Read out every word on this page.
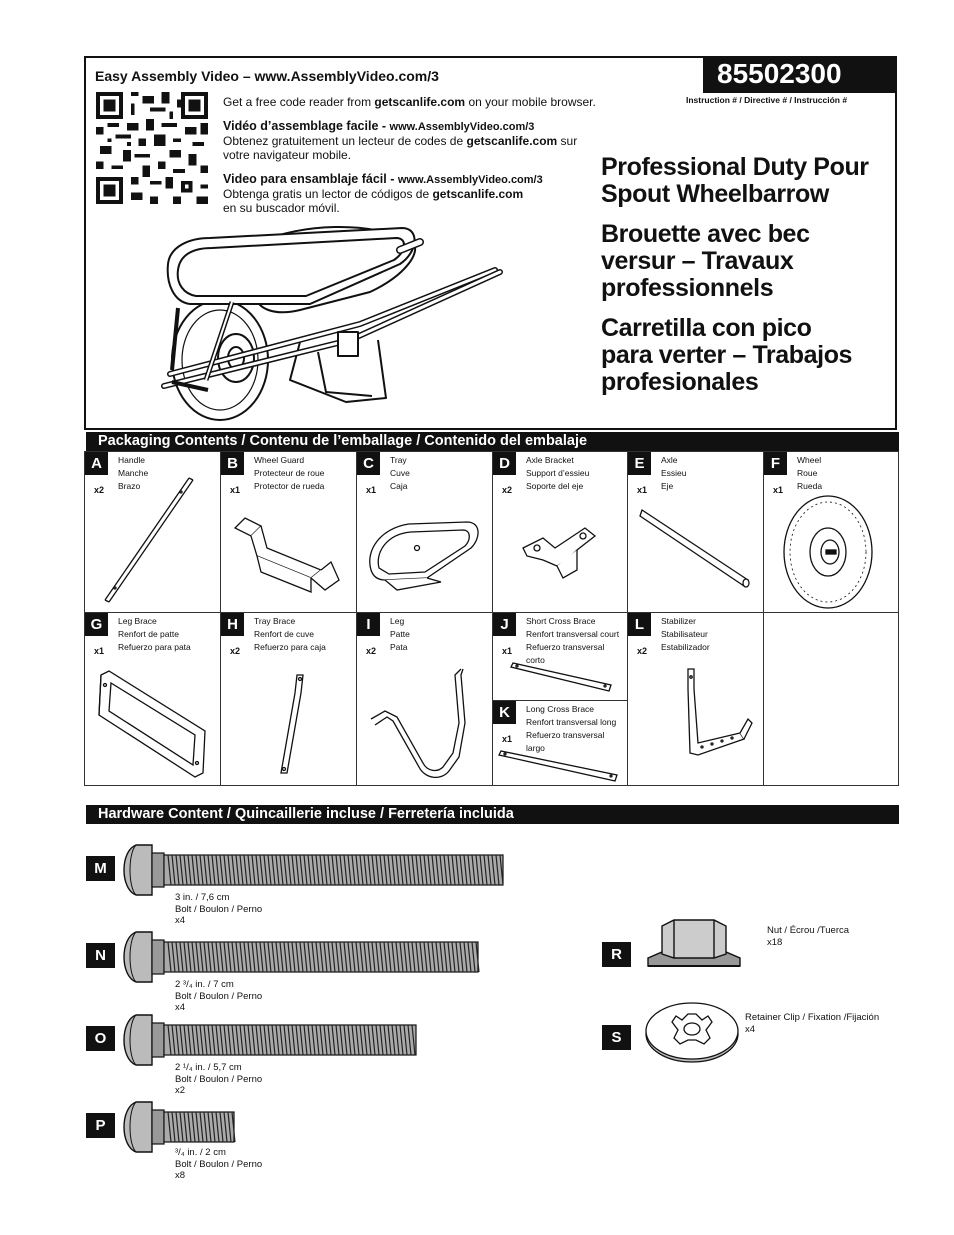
Easy Assembly Video – www.AssemblyVideo.com/3
Get a free code reader from getscanlife.com on your mobile browser.
Vidéo d’assemblage facile - www.AssemblyVideo.com/3
Obtenez gratuitement un lecteur de codes de getscanlife.com sur
votre navigateur mobile.
Video para ensamblaje fácil - www.AssemblyVideo.com/3
Obtenga gratis un lector de códigos de getscanlife.com
en su buscador móvil.
85502300
Instruction # / Directive # / Instrucción #
Professional Duty Pour
Spout Wheelbarrow
Brouette avec bec
versur – Travaux
professionnels
Carretilla con pico
para verter – Trabajos
profesionales
Packaging Contents / Contenu de l’emballage / Contenido del embalaje
A
x2
Handle
Manche
Brazo
B
x1
Wheel Guard
Protecteur de roue
Protector de rueda
C
x1
Tray
Cuve
Caja
D
x2
Axle Bracket
Support d’essieu
Soporte del eje
E
x1
Axle
Essieu
Eje
F
x1
Wheel
Roue
Rueda
G
x1
Leg Brace
Renfort de patte
Refuerzo para pata
H
x2
Tray Brace
Renfort de cuve
Refuerzo para caja
I
x2
Leg
Patte
Pata
J
x1
Short Cross Brace
Renfort transversal court
Refuerzo transversal
corto
K
x1
Long Cross Brace
Renfort transversal long
Refuerzo transversal
largo
L
x2
Stabilizer
Stabilisateur
Estabilizador
Hardware Content / Quincaillerie incluse / Ferretería incluida
M
3 in. / 7,6 cm
Bolt / Boulon / Perno
x4
N
2 ³/₄ in. / 7 cm
Bolt / Boulon / Perno
x4
O
2 ¹/₄ in. / 5,7 cm
Bolt / Boulon / Perno
x2
P
³/₄ in. / 2 cm
Bolt / Boulon / Perno
x8
R
Nut / Écrou /Tuerca
x18
S
Retainer Clip / Fixation /Fijación
x4
